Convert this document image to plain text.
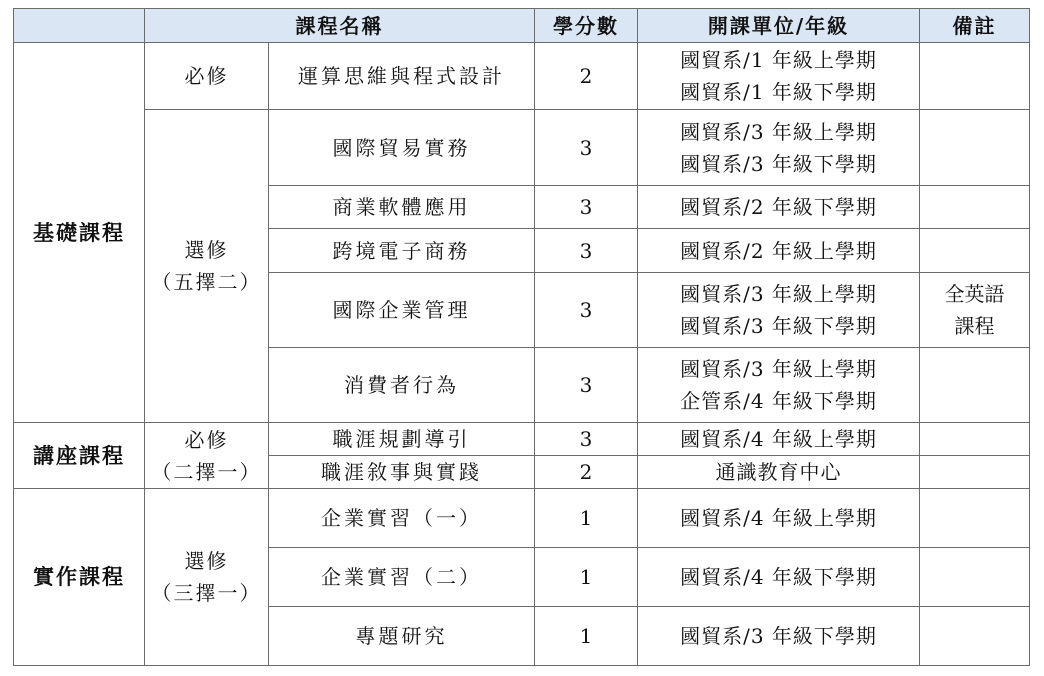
	課程名稱		學分數	開課單位/年級	備註
基礎課程	必修	運算思維與程式設計	2	國貿系/1 年級上學期
國貿系/1 年級下學期	

	選修
（五擇二）	國際貿易實務	3	國貿系/3 年級上學期
國貿系/3 年級下學期	

		商業軟體應用	3	國貿系/2 年級下學期	

		跨境電子商務	3	國貿系/2 年級上學期	

		國際企業管理	3	國貿系/3 年級上學期
國貿系/3 年級下學期	全英語
課程

		消費者行為	3	國貿系/3 年級上學期
企管系/4 年級下學期	

講座課程	必修
（二擇一）	職涯規劃導引	3	國貿系/4 年級上學期	

		職涯敘事與實踐	2	通識教育中心	

實作課程	選修
（三擇一）	企業實習（一）	1	國貿系/4 年級上學期	

		企業實習（二）	1	國貿系/4 年級下學期	

		專題研究	1	國貿系/3 年級下學期	
